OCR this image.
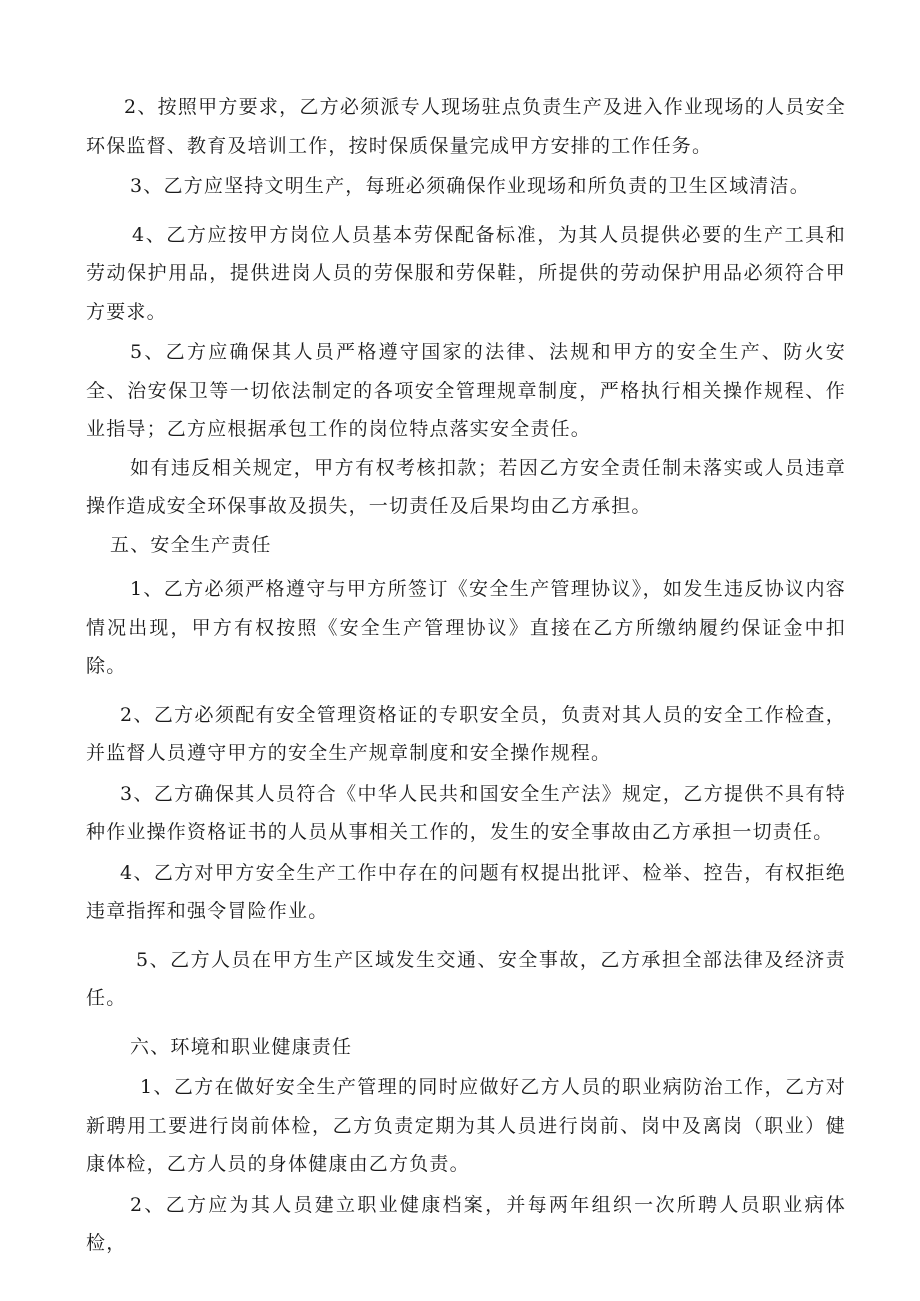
2、按照甲方要求，乙方必须派专人现场驻点负责生产及进入作业现场的人员安全环保监督、教育及培训工作，按时保质保量完成甲方安排的工作任务。

3、乙方应坚持文明生产，每班必须确保作业现场和所负责的卫生区域清洁。

4、乙方应按甲方岗位人员基本劳保配备标准，为其人员提供必要的生产工具和劳动保护用品，提供进岗人员的劳保服和劳保鞋，所提供的劳动保护用品必须符合甲方要求。

5、乙方应确保其人员严格遵守国家的法律、法规和甲方的安全生产、防火安全、治安保卫等一切依法制定的各项安全管理规章制度，严格执行相关操作规程、作业指导；乙方应根据承包工作的岗位特点落实安全责任。

如有违反相关规定，甲方有权考核扣款；若因乙方安全责任制未落实或人员违章操作造成安全环保事故及损失，一切责任及后果均由乙方承担。

五、安全生产责任

1、乙方必须严格遵守与甲方所签订《安全生产管理协议》，如发生违反协议内容情况出现，甲方有权按照《安全生产管理协议》直接在乙方所缴纳履约保证金中扣除。

2、乙方必须配有安全管理资格证的专职安全员，负责对其人员的安全工作检查，并监督人员遵守甲方的安全生产规章制度和安全操作规程。

3、乙方确保其人员符合《中华人民共和国安全生产法》规定，乙方提供不具有特种作业操作资格证书的人员从事相关工作的，发生的安全事故由乙方承担一切责任。

4、乙方对甲方安全生产工作中存在的问题有权提出批评、检举、控告，有权拒绝违章指挥和强令冒险作业。

5、乙方人员在甲方生产区域发生交通、安全事故，乙方承担全部法律及经济责任。

六、环境和职业健康责任

1、乙方在做好安全生产管理的同时应做好乙方人员的职业病防治工作，乙方对新聘用工要进行岗前体检，乙方负责定期为其人员进行岗前、岗中及离岗（职业）健康体检，乙方人员的身体健康由乙方负责。

2、乙方应为其人员建立职业健康档案，并每两年组织一次所聘人员职业病体检，
